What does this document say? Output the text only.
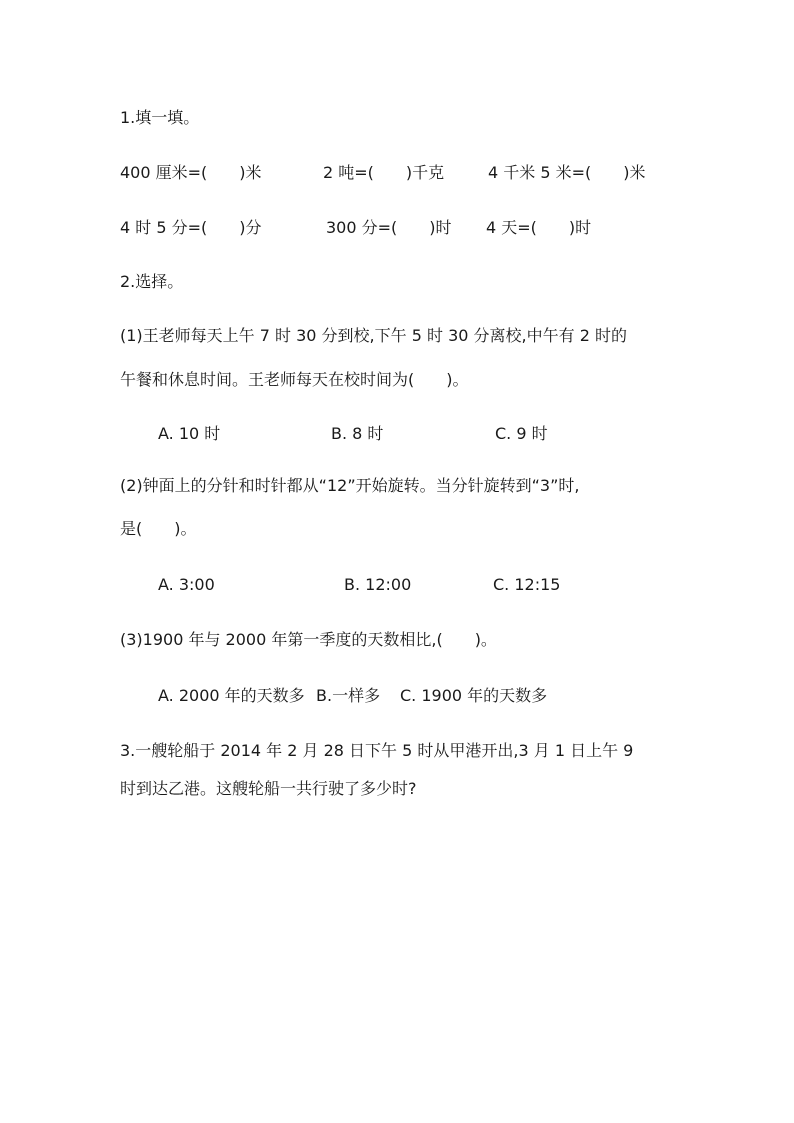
1.填一填。
400 厘米=(　　)米	2 吨=(　　)千克	4 千米 5 米=(　　)米
4 时 5 分=(　　)分	300 分=(　　)时 4 天=(　　)时
2.选择。
(1)王老师每天上午 7 时 30 分到校,下午 5 时 30 分离校,中午有 2 时的
午餐和休息时间。王老师每天在校时间为(　　)。
A. 10 时	B. 8 时	C. 9 时
(2)钟面上的分针和时针都从“12”开始旋转。当分针旋转到“3”时,
是(　　)。
A. 3:00	B. 12:00	C. 12:15
(3)1900 年与 2000 年第一季度的天数相比,(　　)。
A. 2000 年的天数多 B.一样多 C. 1900 年的天数多
3.一艘轮船于 2014 年 2 月 28 日下午 5 时从甲港开出,3 月 1 日上午 9
时到达乙港。这艘轮船一共行驶了多少时?
